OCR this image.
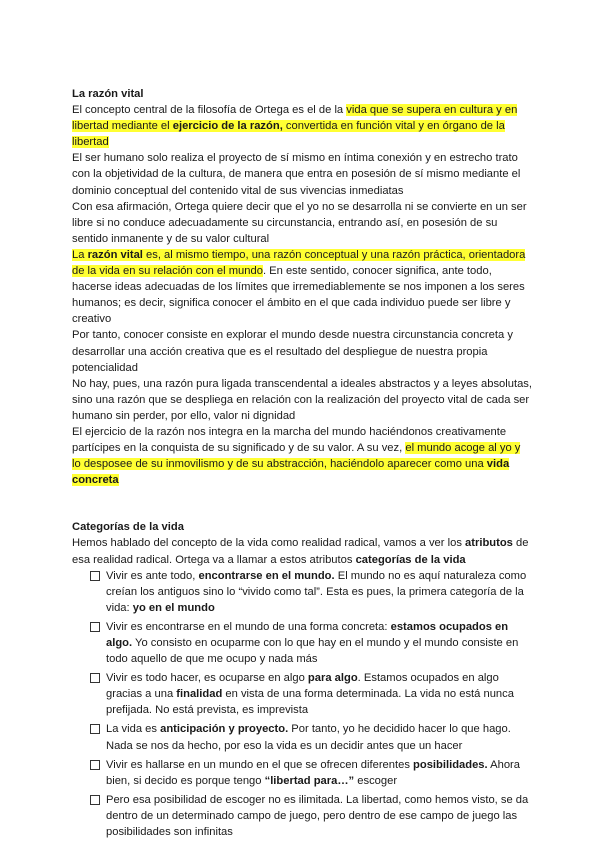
La razón vital

El concepto central de la filosofía de Ortega es el de la vida que se supera en cultura y en libertad mediante el ejercicio de la razón, convertida en función vital y en órgano de la libertad

El ser humano solo realiza el proyecto de sí mismo en íntima conexión y en estrecho trato con la objetividad de la cultura, de manera que entra en posesión de sí mismo mediante el dominio conceptual del contenido vital de sus vivencias inmediatas

Con esa afirmación, Ortega quiere decir que el yo no se desarrolla ni se convierte en un ser libre si no conduce adecuadamente su circunstancia, entrando así, en posesión de su sentido inmanente y de su valor cultural

La razón vital es, al mismo tiempo, una razón conceptual y una razón práctica, orientadora de la vida en su relación con el mundo. En este sentido, conocer significa, ante todo, hacerse ideas adecuadas de los límites que irremediablemente se nos imponen a los seres humanos; es decir, significa conocer el ámbito en el que cada individuo puede ser libre y creativo

Por tanto, conocer consiste en explorar el mundo desde nuestra circunstancia concreta y desarrollar una acción creativa que es el resultado del despliegue de nuestra propia potencialidad

No hay, pues, una razón pura ligada transcendental a ideales abstractos y a leyes absolutas, sino una razón que se despliega en relación con la realización del proyecto vital de cada ser humano sin perder, por ello, valor ni dignidad

El ejercicio de la razón nos integra en la marcha del mundo haciéndonos creativamente partícipes en la conquista de su significado y de su valor. A su vez, el mundo acoge al yo y lo desposee de su inmovilismo y de su abstracción, haciéndolo aparecer como una vida concreta

Categorías de la vida

Hemos hablado del concepto de la vida como realidad radical, vamos a ver los atributos de esa realidad radical. Ortega va a llamar a estos atributos categorías de la vida

Vivir es ante todo, encontrarse en el mundo. El mundo no es aquí naturaleza como creían los antiguos sino lo “vivido como tal”. Esta es pues, la primera categoría de la vida: yo en el mundo
Vivir es encontrarse en el mundo de una forma concreta: estamos ocupados en algo. Yo consisto en ocuparme con lo que hay en el mundo y el mundo consiste en todo aquello de que me ocupo y nada más
Vivir es todo hacer, es ocuparse en algo para algo. Estamos ocupados en algo gracias a una finalidad en vista de una forma determinada. La vida no está nunca prefijada. No está prevista, es imprevista
La vida es anticipación y proyecto. Por tanto, yo he decidido hacer lo que hago. Nada se nos da hecho, por eso la vida es un decidir antes que un hacer
Vivir es hallarse en un mundo en el que se ofrecen diferentes posibilidades. Ahora bien, si decido es porque tengo “libertad para…” escoger
Pero esa posibilidad de escoger no es ilimitada. La libertad, como hemos visto, se da dentro de un determinado campo de juego, pero dentro de ese campo de juego las posibilidades son infinitas
